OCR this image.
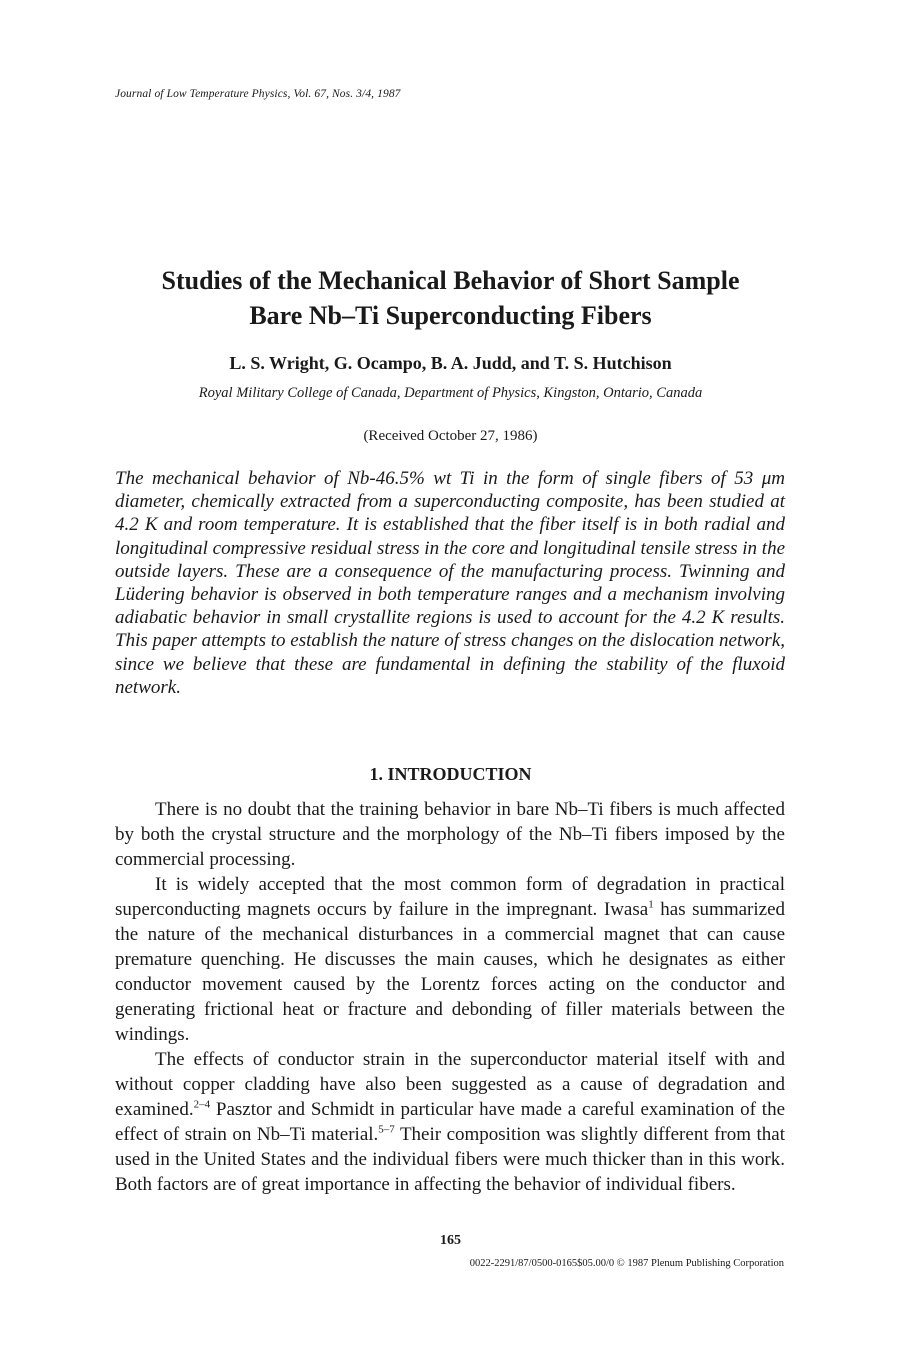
Journal of Low Temperature Physics, Vol. 67, Nos. 3/4, 1987
Studies of the Mechanical Behavior of Short Sample
Bare Nb–Ti Superconducting Fibers
L. S. Wright, G. Ocampo, B. A. Judd, and T. S. Hutchison
Royal Military College of Canada, Department of Physics, Kingston, Ontario, Canada
(Received October 27, 1986)
The mechanical behavior of Nb-46.5% wt Ti in the form of single fibers of 53 μm diameter, chemically extracted from a superconducting composite, has been studied at 4.2 K and room temperature. It is established that the fiber itself is in both radial and longitudinal compressive residual stress in the core and longitudinal tensile stress in the outside layers. These are a consequence of the manufacturing process. Twinning and Lüdering behavior is observed in both temperature ranges and a mechanism involving adiabatic behavior in small crystallite regions is used to account for the 4.2 K results. This paper attempts to establish the nature of stress changes on the dislocation network, since we believe that these are fundamental in defining the stability of the fluxoid network.
1. INTRODUCTION

There is no doubt that the training behavior in bare Nb–Ti fibers is much affected by both the crystal structure and the morphology of the Nb–Ti fibers imposed by the commercial processing.

It is widely accepted that the most common form of degradation in practical superconducting magnets occurs by failure in the impregnant. Iwasa$^1$ has summarized the nature of the mechanical disturbances in a commercial magnet that can cause premature quenching. He discusses the main causes, which he designates as either conductor movement caused by the Lorentz forces acting on the conductor and generating frictional heat or fracture and debonding of filler materials between the windings.

The effects of conductor strain in the superconductor material itself with and without copper cladding have also been suggested as a cause of degradation and examined.$^{2-4}$ Pasztor and Schmidt in particular have made a careful examination of the effect of strain on Nb–Ti material.$^{5-7}$ Their composition was slightly different from that used in the United States and the individual fibers were much thicker than in this work. Both factors are of great importance in affecting the behavior of individual fibers.

165
0022-2291/87/0500-0165$05.00/0 © 1987 Plenum Publishing Corporation
